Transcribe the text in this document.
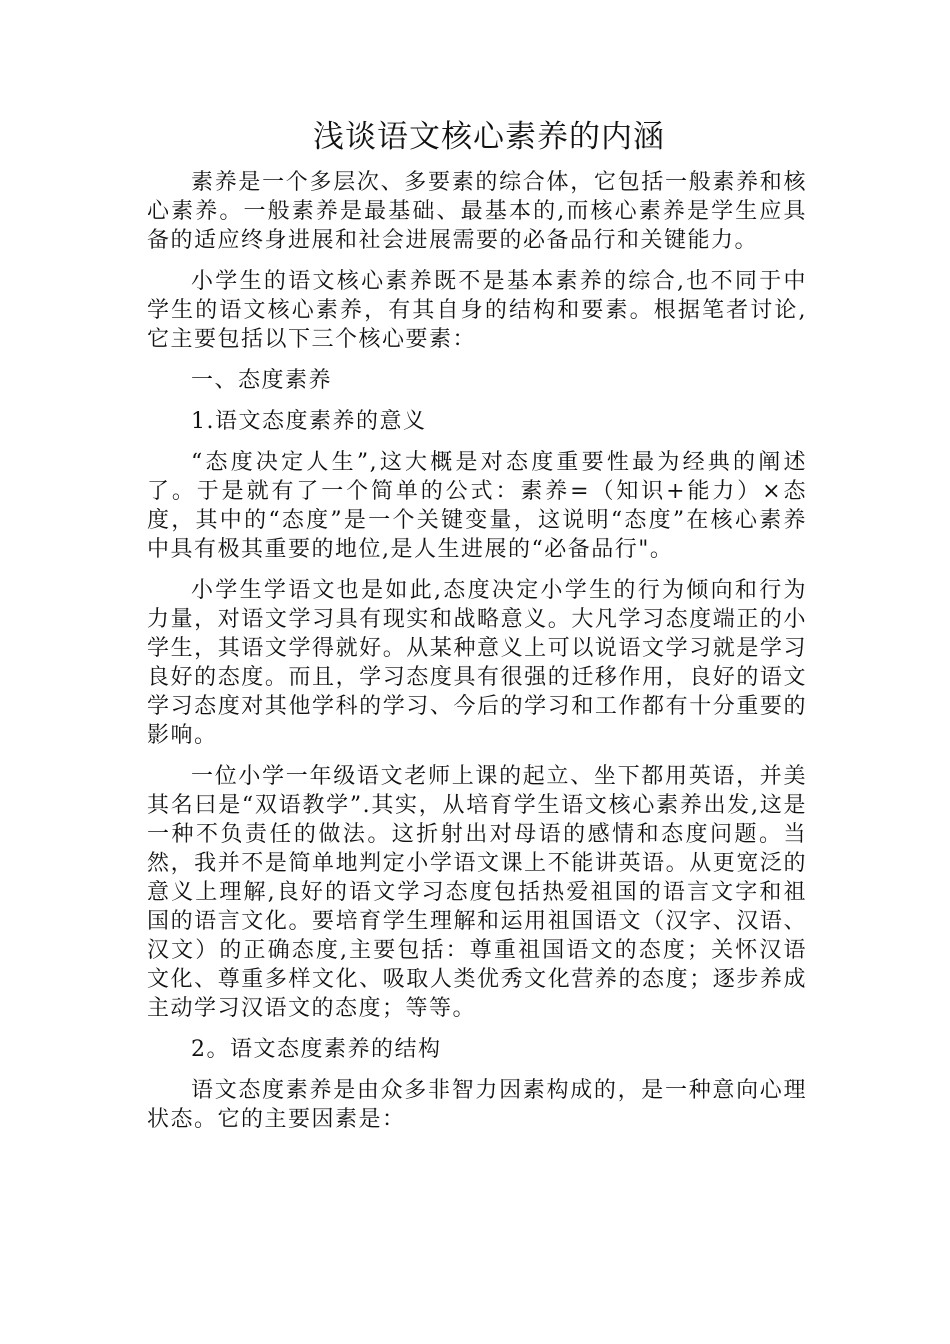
浅谈语文核心素养的内涵

素养是一个多层次、多要素的综合体，它包括一般素养和核心素养。一般素养是最基础、最基本的,而核心素养是学生应具备的适应终身进展和社会进展需要的必备品行和关键能力。

小学生的语文核心素养既不是基本素养的综合,也不同于中学生的语文核心素养，有其自身的结构和要素。根据笔者讨论,它主要包括以下三个核心要素：

一、态度素养

1.语文态度素养的意义

“态度决定人生”,这大概是对态度重要性最为经典的阐述了。于是就有了一个简单的公式：素养=（知识+能力）×态度，其中的“态度”是一个关键变量，这说明“态度”在核心素养中具有极其重要的地位,是人生进展的“必备品行"。

小学生学语文也是如此,态度决定小学生的行为倾向和行为力量，对语文学习具有现实和战略意义。大凡学习态度端正的小学生，其语文学得就好。从某种意义上可以说语文学习就是学习良好的态度。而且，学习态度具有很强的迁移作用，良好的语文学习态度对其他学科的学习、今后的学习和工作都有十分重要的影响。

一位小学一年级语文老师上课的起立、坐下都用英语，并美其名曰是“双语教学”.其实，从培育学生语文核心素养出发,这是一种不负责任的做法。这折射出对母语的感情和态度问题。当然，我并不是简单地判定小学语文课上不能讲英语。从更宽泛的意义上理解,良好的语文学习态度包括热爱祖国的语言文字和祖国的语言文化。要培育学生理解和运用祖国语文（汉字、汉语、汉文）的正确态度,主要包括：尊重祖国语文的态度；关怀汉语文化、尊重多样文化、吸取人类优秀文化营养的态度；逐步养成主动学习汉语文的态度；等等。

2。语文态度素养的结构

语文态度素养是由众多非智力因素构成的，是一种意向心理状态。它的主要因素是：
